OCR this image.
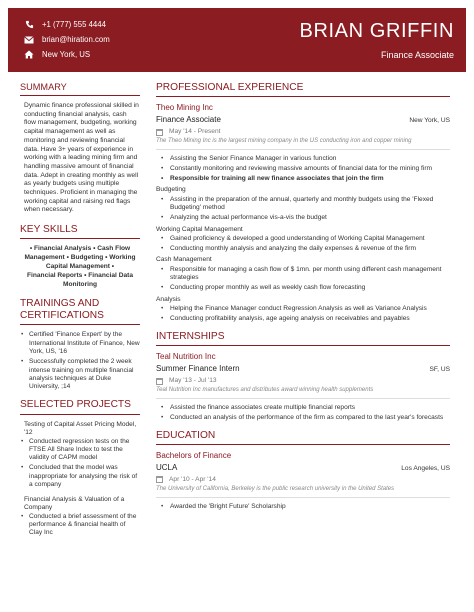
+1 (777) 555 4444
brian@hiration.com
New York, US
BRIAN GRIFFIN
Finance Associate
SUMMARY
Dynamic finance professional skilled in conducting financial analysis, cash flow management, budgeting, working capital management as well as monitoring and reviewing financial data. Have 3+ years of experience in working with a leading mining firm and handling massive amount of financial data. Adept in creating monthly as well as yearly budgets using multiple techniques. Proficient in managing the working capital and raising red flags when necessary.
KEY SKILLS
• Financial Analysis • Cash Flow Management • Budgeting • Working Capital Management •
Financial Reports • Financial Data Monitoring
TRAININGS AND CERTIFICATIONS
• Certified 'Finance Expert' by the International Institute of Finance, New York, US, '16
• Successfully completed the 2 week intense training on multiple financial analysis techniques at Duke University, ;14
SELECTED PROJECTS
Testing of Capital Asset Pricing Model, '12
• Conducted regression tests on the FTSE All Share Index to test the validity of CAPM model
• Concluded that the model was inappropriate for analysing the risk of a company
Financial Analysis & Valuation of a Company
• Conducted a brief assessment of the performance & financial health of Clay Inc
PROFESSIONAL EXPERIENCE
Theo Mining Inc
Finance Associate	New York, US
May '14 - Present
The Theo Mining Inc is the largest mining company in the US conducting iron and copper mining
• Assisting the Senior Finance Manager in various function
• Constantly monitoring and reviewing massive amounts of financial data for the mining firm
• Responsible for training all new finance associates that join the firm
Budgeting
• Assisting in the preparation of the annual, quarterly and monthly budgets using the 'Flexed Budgeting' method
• Analyzing the actual performance vis-a-vis the budget
Working Capital Management
• Gained proficiency & developed a good understanding of Working Capital Management
• Conducting monthly analysis and analyzing the daily expenses & revenue of the firm
Cash Management
• Responsible for managing a cash flow of $ 1mn. per month using different cash management strategies
• Conducting proper monthly as well as weekly cash flow forecasting
Analysis
• Helping the Finance Manager conduct Regression Analysis as well as Variance Analysis
• Conducting profitability analysis, age ageing analysis on receivables and payables
INTERNSHIPS
Teal Nutrition Inc
Summer Finance Intern	SF, US
May '13 - Jul '13
Teal Nutrition Inc manufactures and distributes award winning health supplements
• Assisted the finance associates create multiple financial reports
• Conducted an analysis of the performance of the firm as compared to the last year's forecasts
EDUCATION
Bachelors of Finance
UCLA	Los Angeles, US
Apr '10 - Apr '14
The University of California, Berkeley is the public research university in the United States
• Awarded the 'Bright Future' Scholarship
